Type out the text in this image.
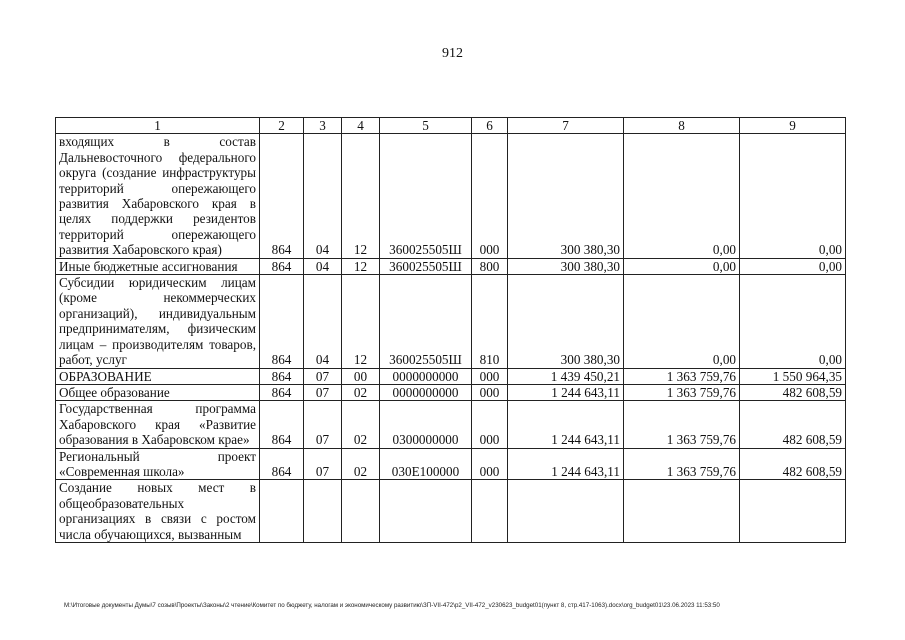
912
1	2	3	4	5	6	7	8	9
входящих в состав Дальневосточного федерального округа (создание инфраструктуры территорий опережающего развития Хабаровского края в целях поддержки резидентов территорий опережающего развития Хабаровского края)	864	04	12	360025505Ш	000	300 380,30	0,00	0,00
Иные бюджетные ассигнования	864	04	12	360025505Ш	800	300 380,30	0,00	0,00
Субсидии юридическим лицам (кроме некоммерческих организаций), индивидуальным предпринимателям, физическим лицам – производителям товаров, работ, услуг	864	04	12	360025505Ш	810	300 380,30	0,00	0,00
ОБРАЗОВАНИЕ	864	07	00	0000000000	000	1 439 450,21	1 363 759,76	1 550 964,35
Общее образование	864	07	02	0000000000	000	1 244 643,11	1 363 759,76	482 608,59
Государственная программа Хабаровского края «Развитие образования в Хабаровском крае»	864	07	02	0300000000	000	1 244 643,11	1 363 759,76	482 608,59
Региональный проект «Современная школа»	864	07	02	030Е100000	000	1 244 643,11	1 363 759,76	482 608,59
Создание новых мест в общеобразовательных организациях в связи с ростом числа обучающихся, вызванным								
M:\Итоговые документы Думы\7 созыв\Проекты\Законы\2 чтение\Комитет по бюджету, налогам и экономическому развитию\ЗП-VII-472\р2_VII-472_v230623_budget01(пункт 8, стр.417-1063).docx\org_budget01\23.06.2023 11:53:50
